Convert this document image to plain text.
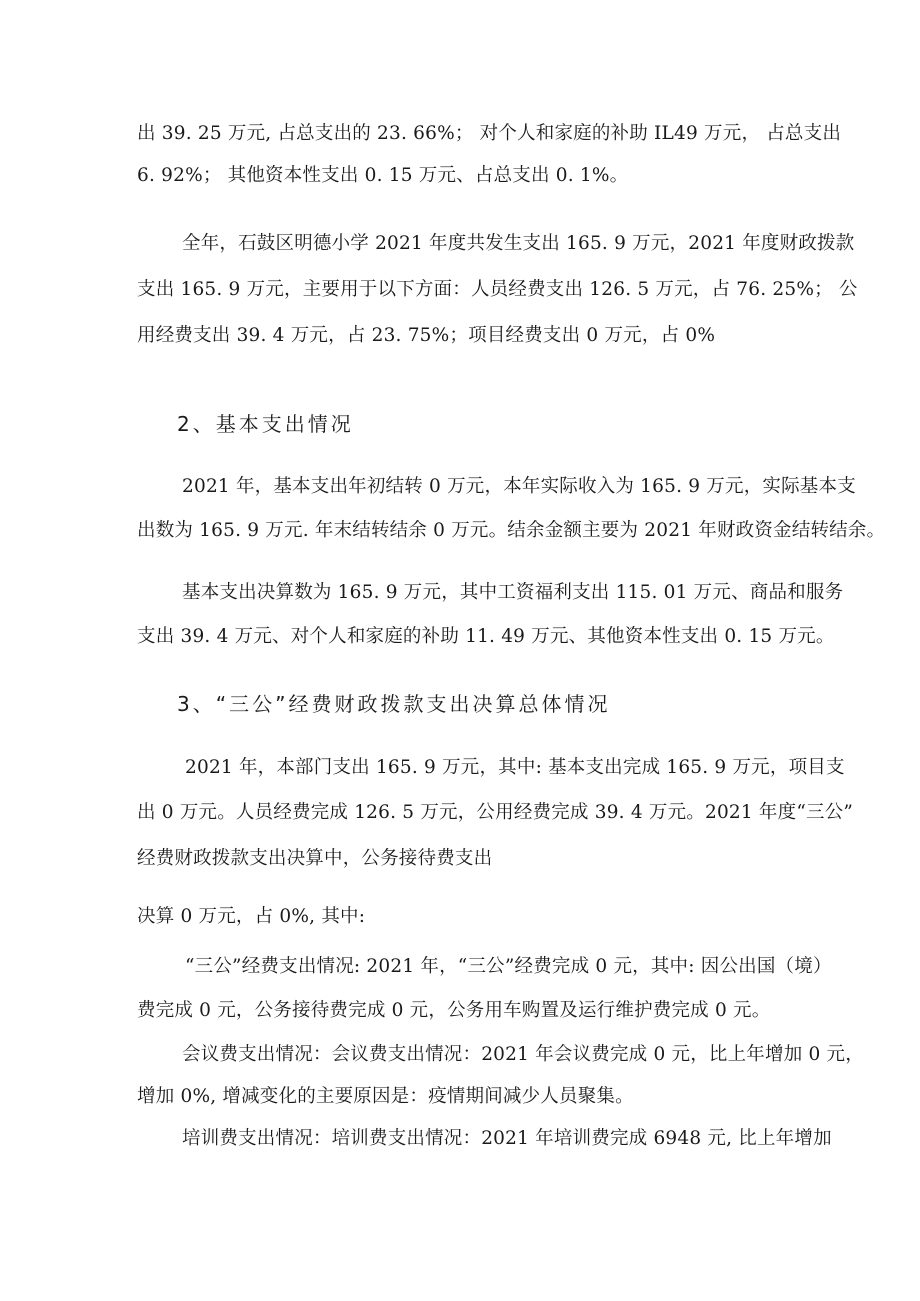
出 39. 25 万元, 占总支出的 23. 66%； 对个人和家庭的补助 IL49 万元， 占总支出
6. 92%； 其他资本性支出 0. 15 万元、占总支出 0. 1%。
全年，石鼓区明德小学 2021 年度共发生支出 165. 9 万元，2021 年度财政拨款
支出 165. 9 万元，主要用于以下方面：人员经费支出 126. 5 万元，占 76. 25%； 公
用经费支出 39. 4 万元，占 23. 75%；项目经费支出 0 万元，占 0%
2、基本支出情况
2021 年，基本支出年初结转 0 万元，本年实际收入为 165. 9 万元，实际基本支
出数为 165. 9 万元. 年末结转结余 0 万元。结余金额主要为 2021 年财政资金结转结余。
基本支出决算数为 165. 9 万元，其中工资福利支出 115. 01 万元、商品和服务
支出 39. 4 万元、对个人和家庭的补助 11. 49 万元、其他资本性支出 0. 15 万元。
3、“三公”经费财政拨款支出决算总体情况
2021 年，本部门支出 165. 9 万元，其中: 基本支出完成 165. 9 万元，项目支
出 0 万元。人员经费完成 126. 5 万元，公用经费完成 39. 4 万元。2021 年度“三公”
经费财政拨款支出决算中，公务接待费支出
决算 0 万元，占 0%, 其中:
“三公”经费支出情况: 2021 年，“三公”经费完成 0 元，其中: 因公出国（境）
费完成 0 元，公务接待费完成 0 元，公务用车购置及运行维护费完成 0 元。
会议费支出情况：会议费支出情况：2021 年会议费完成 0 元，比上年增加 0 元，
增加 0%, 增减变化的主要原因是：疫情期间减少人员聚集。
培训费支出情况：培训费支出情况：2021 年培训费完成 6948 元, 比上年增加
